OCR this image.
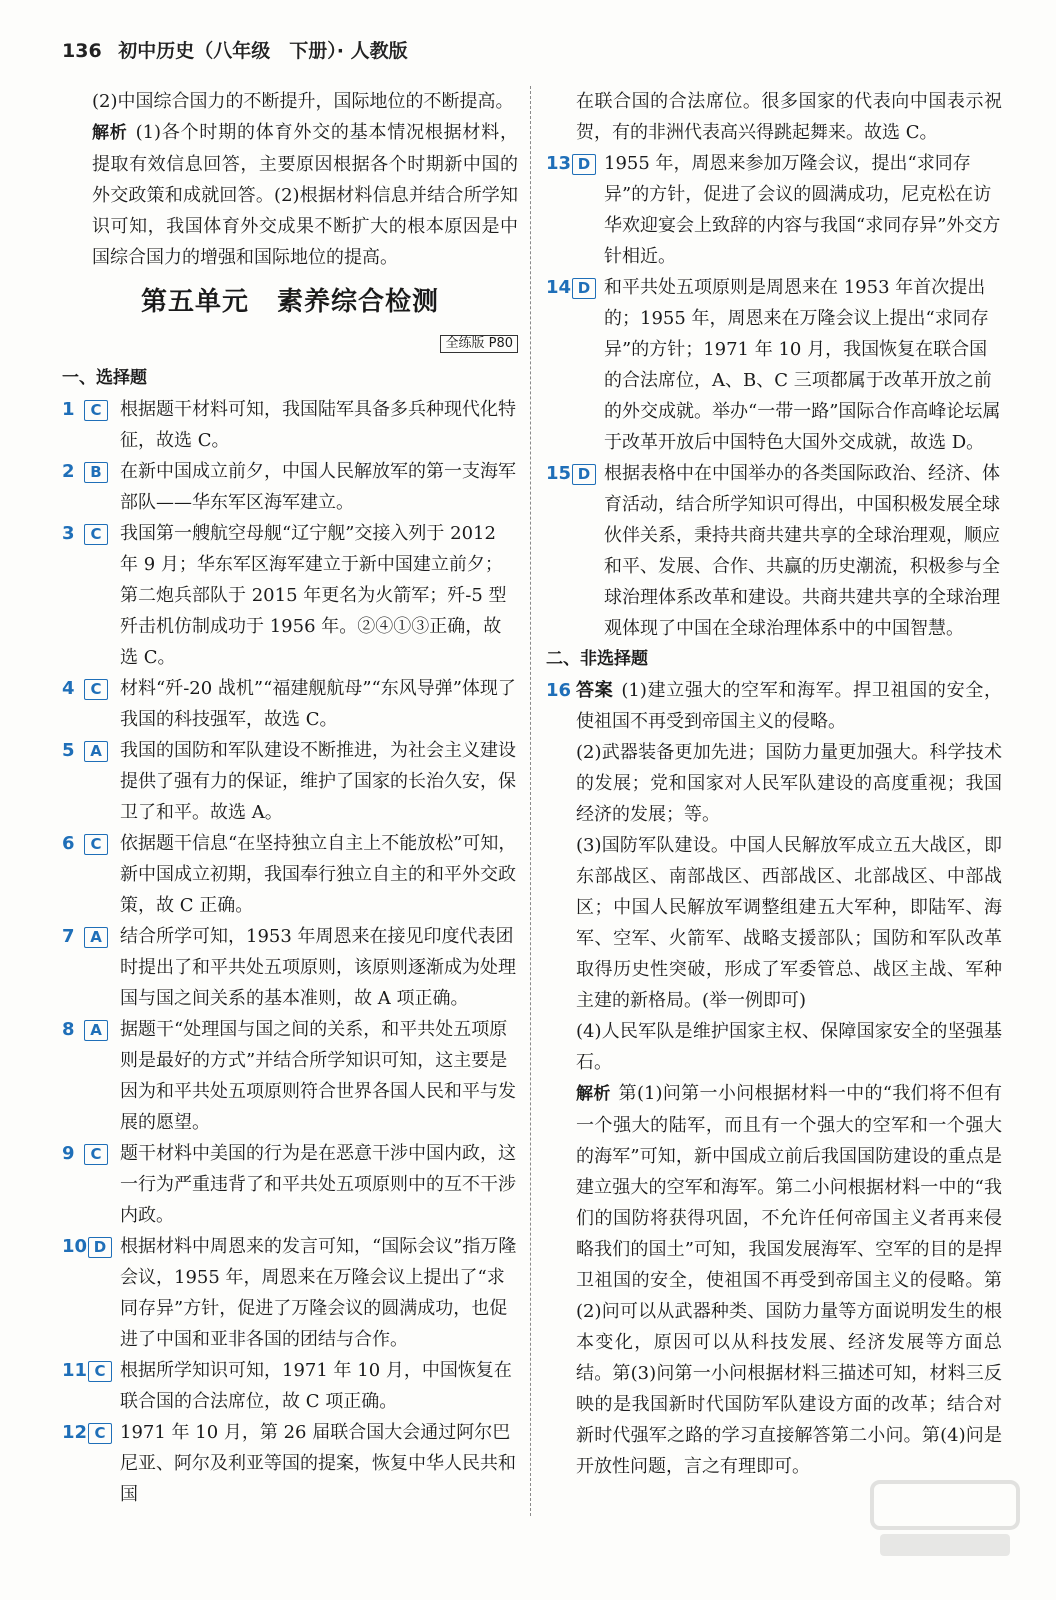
136 初中历史（八年级　下册）· 人教版

(2)中国综合国力的不断提升，国际地位的不断提高。

解析 (1)各个时期的体育外交的基本情况根据材料，提取有效信息回答，主要原因根据各个时期新中国的外交政策和成就回答。(2)根据材料信息并结合所学知识可知，我国体育外交成果不断扩大的根本原因是中国综合国力的增强和国际地位的提高。

第五单元 素养综合检测
全练版 P80
一、选择题
1	C	根据题干材料可知，我国陆军具备多兵种现代化特征，故选 C。
2	B	在新中国成立前夕，中国人民解放军的第一支海军部队——华东军区海军建立。
3	C	我国第一艘航空母舰“辽宁舰”交接入列于 2012 年 9 月；华东军区海军建立于新中国建立前夕；第二炮兵部队于 2015 年更名为火箭军；歼-5 型歼击机仿制成功于 1956 年。②④①③正确，故选 C。
4	C	材料“歼-20 战机”“福建舰航母”“东风导弹”体现了我国的科技强军，故选 C。
5	A	我国的国防和军队建设不断推进，为社会主义建设提供了强有力的保证，维护了国家的长治久安，保卫了和平。故选 A。
6	C	依据题干信息“在坚持独立自主上不能放松”可知，新中国成立初期，我国奉行独立自主的和平外交政策，故 C 正确。
7	A	结合所学可知，1953 年周恩来在接见印度代表团时提出了和平共处五项原则，该原则逐渐成为处理国与国之间关系的基本准则，故 A 项正确。
8	A	据题干“处理国与国之间的关系，和平共处五项原则是最好的方式”并结合所学知识可知，这主要是因为和平共处五项原则符合世界各国人民和平与发展的愿望。
9	C	题干材料中美国的行为是在恶意干涉中国内政，这一行为严重违背了和平共处五项原则中的互不干涉内政。
10 D 根据材料中周恩来的发言可知，“国际会议”指万隆会议，1955 年，周恩来在万隆会议上提出了“求同存异”方针，促进了万隆会议的圆满成功，也促进了中国和亚非各国的团结与合作。
11 C 根据所学知识可知，1971 年 10 月，中国恢复在联合国的合法席位，故 C 项正确。
12 C 1971 年 10 月，第 26 届联合国大会通过阿尔巴尼亚、阿尔及利亚等国的提案，恢复中华人民共和国

在联合国的合法席位。很多国家的代表向中国表示祝贺，有的非洲代表高兴得跳起舞来。故选 C。

13 D 1955 年，周恩来参加万隆会议，提出“求同存异”的方针，促进了会议的圆满成功，尼克松在访华欢迎宴会上致辞的内容与我国“求同存异”外交方针相近。
14 D 和平共处五项原则是周恩来在 1953 年首次提出的；1955 年，周恩来在万隆会议上提出“求同存异”的方针；1971 年 10 月，我国恢复在联合国的合法席位，A、B、C 三项都属于改革开放之前的外交成就。举办“一带一路”国际合作高峰论坛属于改革开放后中国特色大国外交成就，故选 D。
15 D 根据表格中在中国举办的各类国际政治、经济、体育活动，结合所学知识可得出，中国积极发展全球伙伴关系，秉持共商共建共享的全球治理观，顺应和平、发展、合作、共赢的历史潮流，积极参与全球治理体系改革和建设。共商共建共享的全球治理观体现了中国在全球治理体系中的中国智慧。
二、非选择题
16 答案 (1)建立强大的空军和海军。捍卫祖国的安全，使祖国不再受到帝国主义的侵略。

(2)武器装备更加先进；国防力量更加强大。科学技术的发展；党和国家对人民军队建设的高度重视；我国经济的发展；等。

(3)国防军队建设。中国人民解放军成立五大战区，即东部战区、南部战区、西部战区、北部战区、中部战区；中国人民解放军调整组建五大军种，即陆军、海军、空军、火箭军、战略支援部队；国防和军队改革取得历史性突破，形成了军委管总、战区主战、军种主建的新格局。(举一例即可)

(4)人民军队是维护国家主权、保障国家安全的坚强基石。

解析 第(1)问第一小问根据材料一中的“我们将不但有一个强大的陆军，而且有一个强大的空军和一个强大的海军”可知，新中国成立前后我国国防建设的重点是建立强大的空军和海军。第二小问根据材料一中的“我们的国防将获得巩固，不允许任何帝国主义者再来侵略我们的国土”可知，我国发展海军、空军的目的是捍卫祖国的安全，使祖国不再受到帝国主义的侵略。第(2)问可以从武器种类、国防力量等方面说明发生的根本变化，原因可以从科技发展、经济发展等方面总结。第(3)问第一小问根据材料三描述可知，材料三反映的是我国新时代国防军队建设方面的改革；结合对新时代强军之路的学习直接解答第二小问。第(4)问是开放性问题，言之有理即可。
